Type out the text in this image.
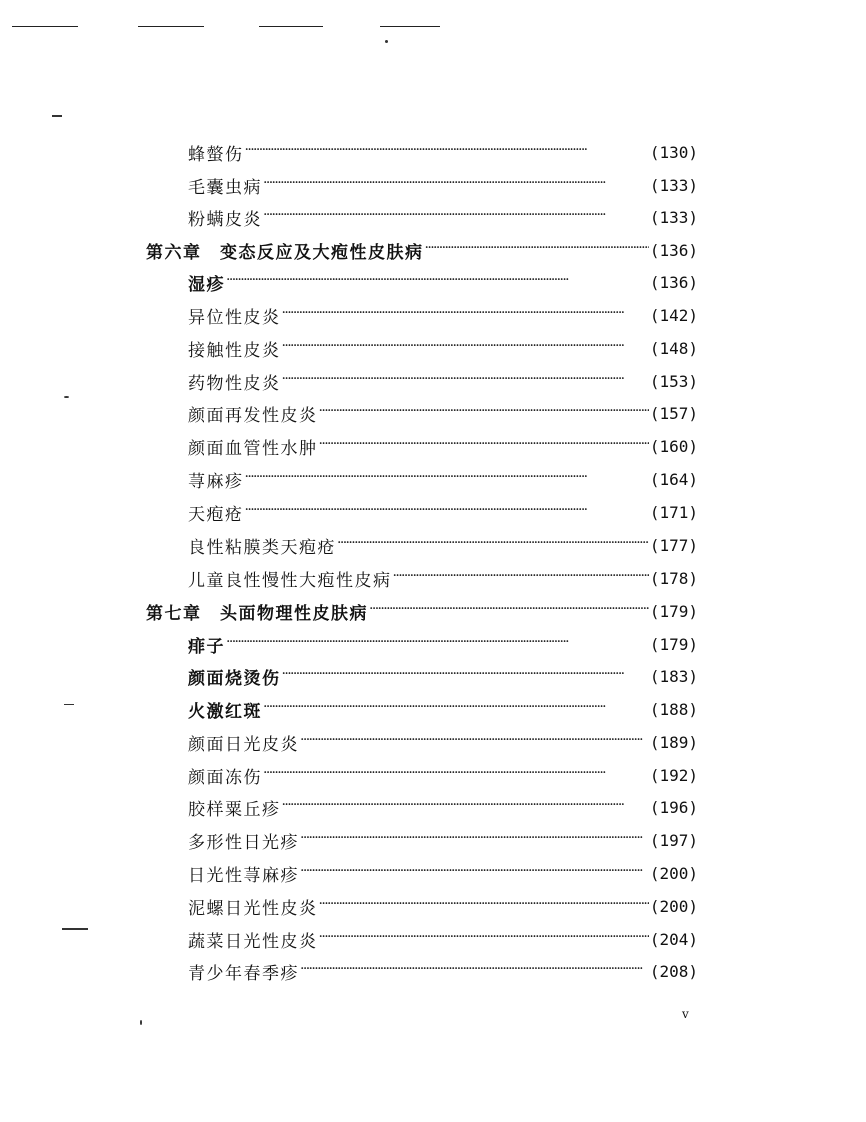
蜂螫伤 ·····	(130)
毛囊虫病 ·····	(133)
粉螨皮炎 ·····	(133)
第六章　变态反应及大疱性皮肤病 ·····	(136)
湿疹 ·····	(136)
异位性皮炎 ·····	(142)
接触性皮炎 ·····	(148)
药物性皮炎 ·····	(153)
颜面再发性皮炎 ·····	(157)
颜面血管性水肿 ·····	(160)
荨麻疹 ·····	(164)
天疱疮 ·····	(171)
良性粘膜类天疱疮 ·····	(177)
儿童良性慢性大疱性皮病 ·····	(178)
第七章　头面物理性皮肤病 ·····	(179)
痱子 ·····	(179)
颜面烧烫伤 ·····	(183)
火激红斑 ·····	(188)
颜面日光皮炎 ·····	(189)
颜面冻伤 ·····	(192)
胶样粟丘疹 ·····	(196)
多形性日光疹 ·····	(197)
日光性荨麻疹 ·····	(200)
泥螺日光性皮炎 ·····	(200)
蔬菜日光性皮炎 ·····	(204)
青少年春季疹 ·····	(208)
v
